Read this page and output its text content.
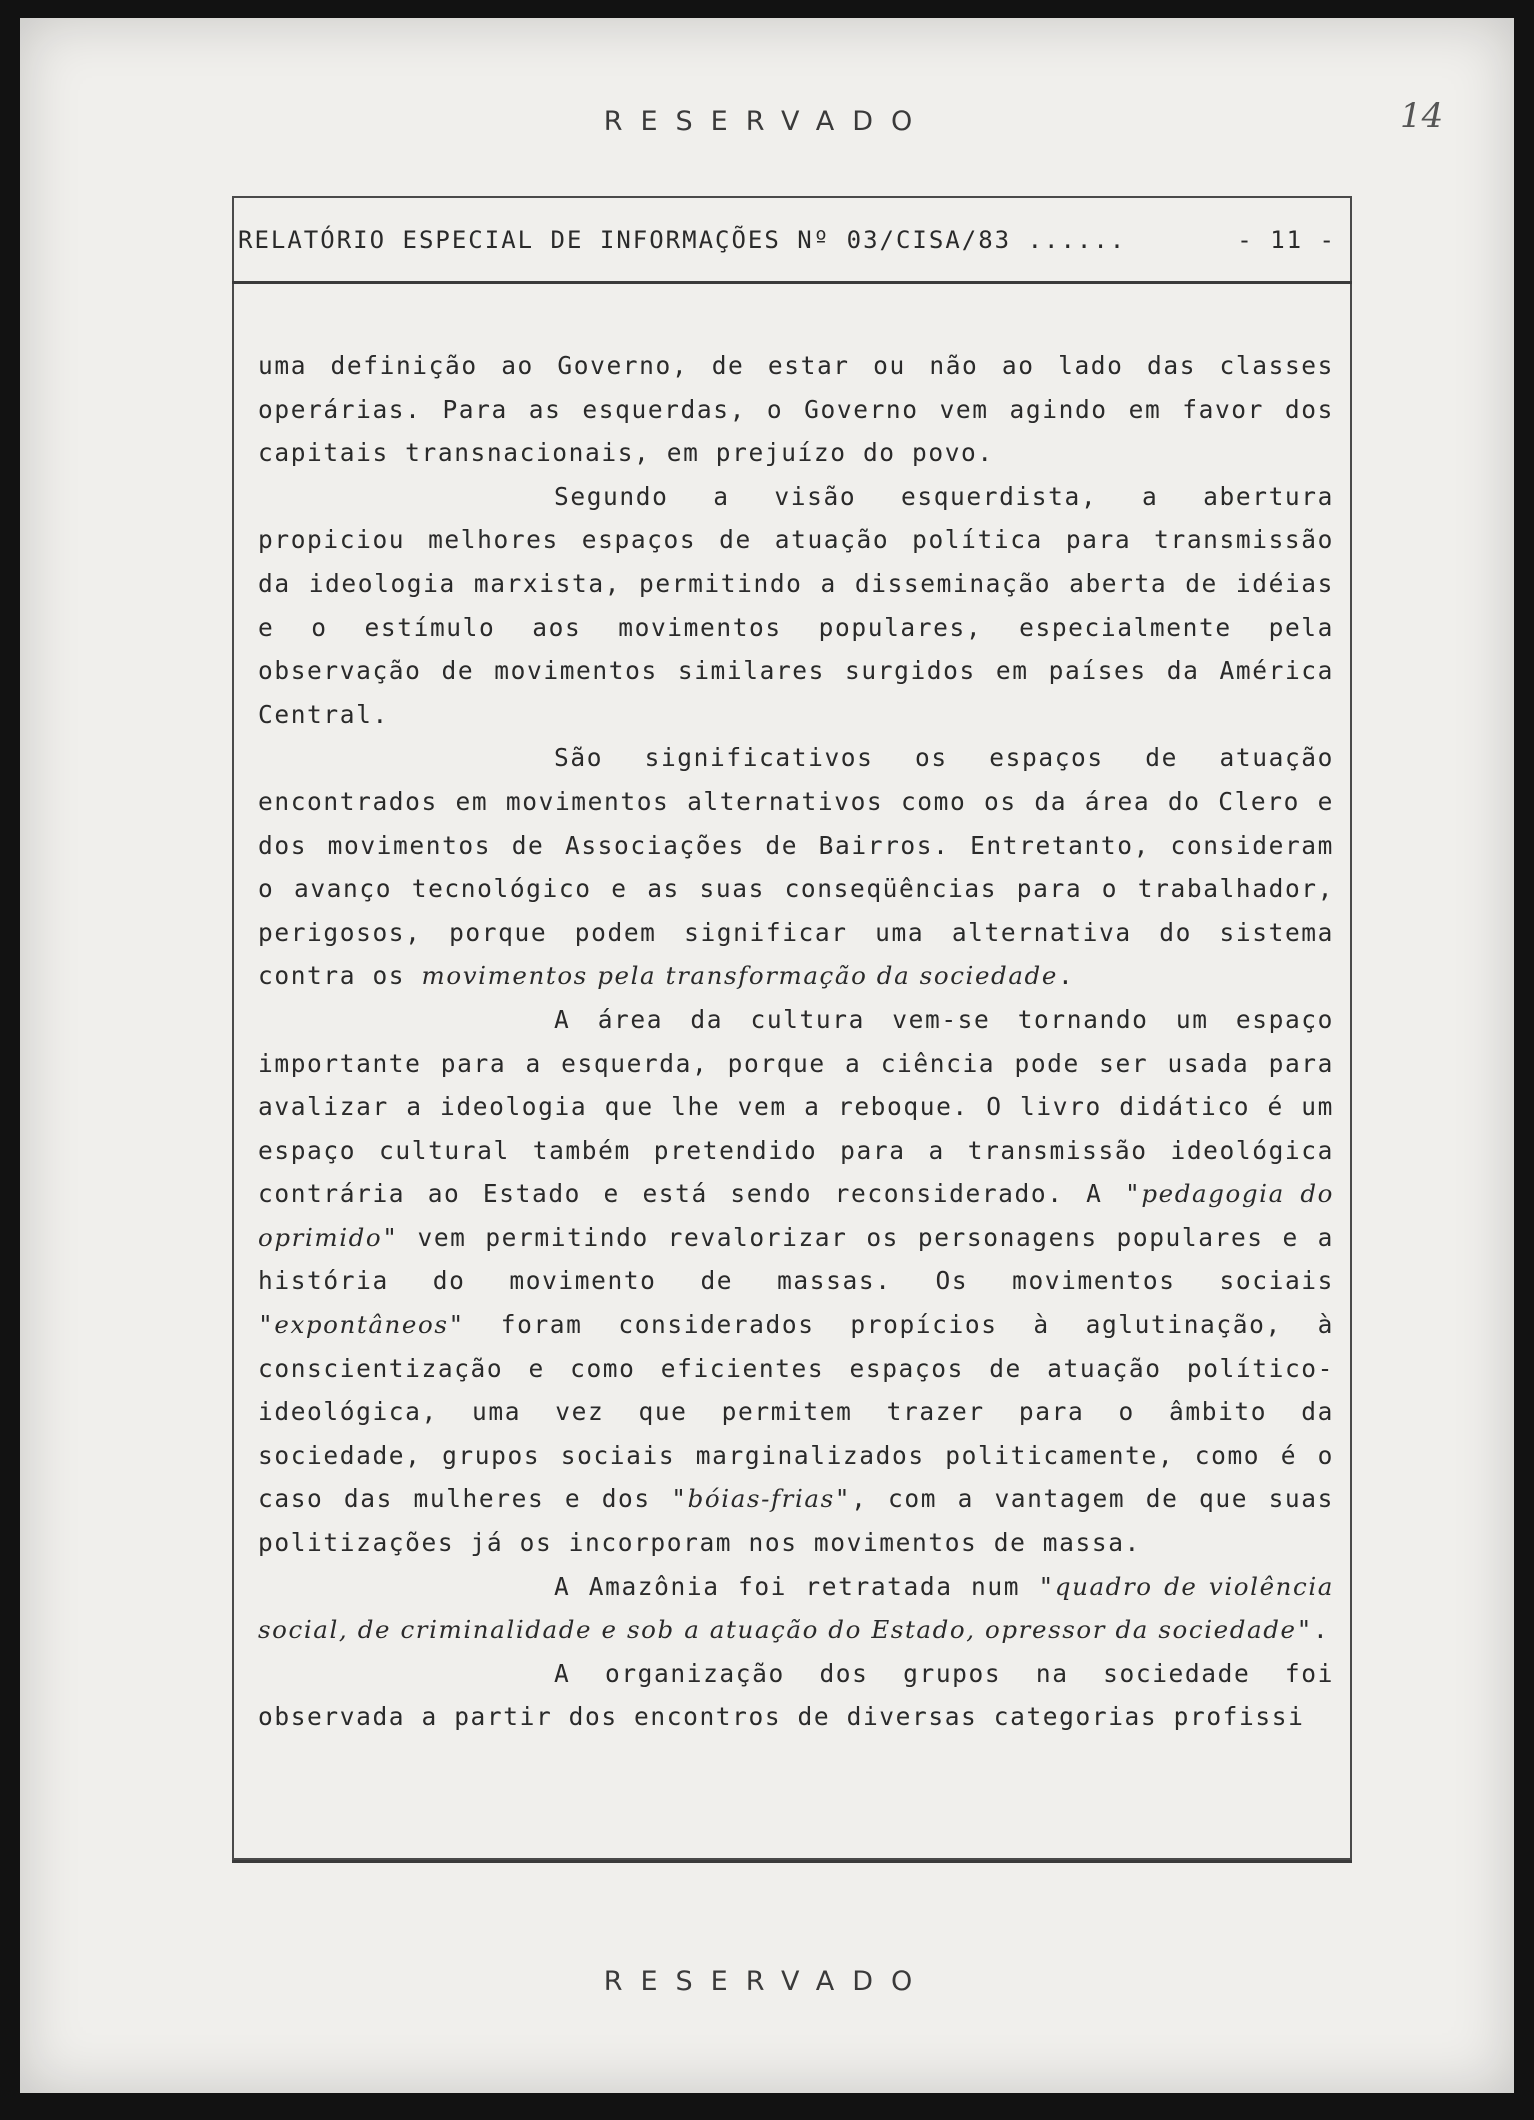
RESERVADO	14
RELATÓRIO ESPECIAL DE INFORMAÇÕES Nº 03/CISA/83 ......	- 11 -

uma definição ao Governo, de estar ou não ao lado das classes operárias. Para as esquerdas, o Governo vem agindo em favor dos capitais transnacionais, em prejuízo do povo.

Segundo a visão esquerdista, a abertura propiciou melhores espaços de atuação política para transmissão da ideologia marxista, permitindo a disseminação aberta de idéias e o estímulo aos movimentos populares, especialmente pela observação de movimentos similares surgidos em países da América Central.

São significativos os espaços de atuação encontrados em movimentos alternativos como os da área do Clero e dos movimentos de Associações de Bairros. Entretanto, consideram o avanço tecnológico e as suas conseqüências para o trabalhador, perigosos, porque podem significar uma alternativa do sistema contra os movimentos pela transformação da sociedade.

A área da cultura vem-se tornando um espaço importante para a esquerda, porque a ciência pode ser usada para avalizar a ideologia que lhe vem a reboque. O livro didático é um espaço cultural também pretendido para a transmissão ideológica contrária ao Estado e está sendo reconsiderado. A "pedagogia do oprimido" vem permitindo revalorizar os personagens populares e a história do movimento de massas. Os movimentos sociais "expontâneos" foram considerados propícios à aglutinação, à conscientização e como eficientes espaços de atuação político-ideológica, uma vez que permitem trazer para o âmbito da sociedade, grupos sociais marginalizados politicamente, como é o caso das mulheres e dos "bóias-frias", com a vantagem de que suas politizações já os incorporam nos movimentos de massa.

A Amazônia foi retratada num "quadro de violência social, de criminalidade e sob a atuação do Estado, opressor da sociedade".

A organização dos grupos na sociedade foi observada a partir dos encontros de diversas categorias profissi

RESERVADO
